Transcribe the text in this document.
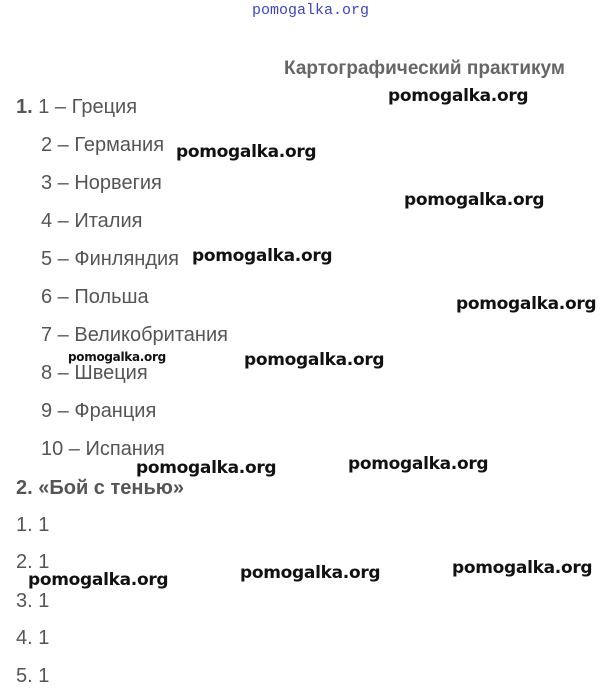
pomogalka.org
Картографический практикум
1. 1 – Греция
2 – Германия
3 – Норвегия
4 – Италия
5 – Финляндия
6 – Польша
7 – Великобритания
8 – Швеция
9 – Франция
10 – Испания
2. «Бой с тенью»
1. 1
2. 1
3. 1
4. 1
5. 1
pomogalka.org
pomogalka.org
pomogalka.org
pomogalka.org
pomogalka.org
pomogalka.org	pomogalka.org
pomogalka.org
pomogalka.org
pomogalka.org
pomogalka.org
pomogalka.org
